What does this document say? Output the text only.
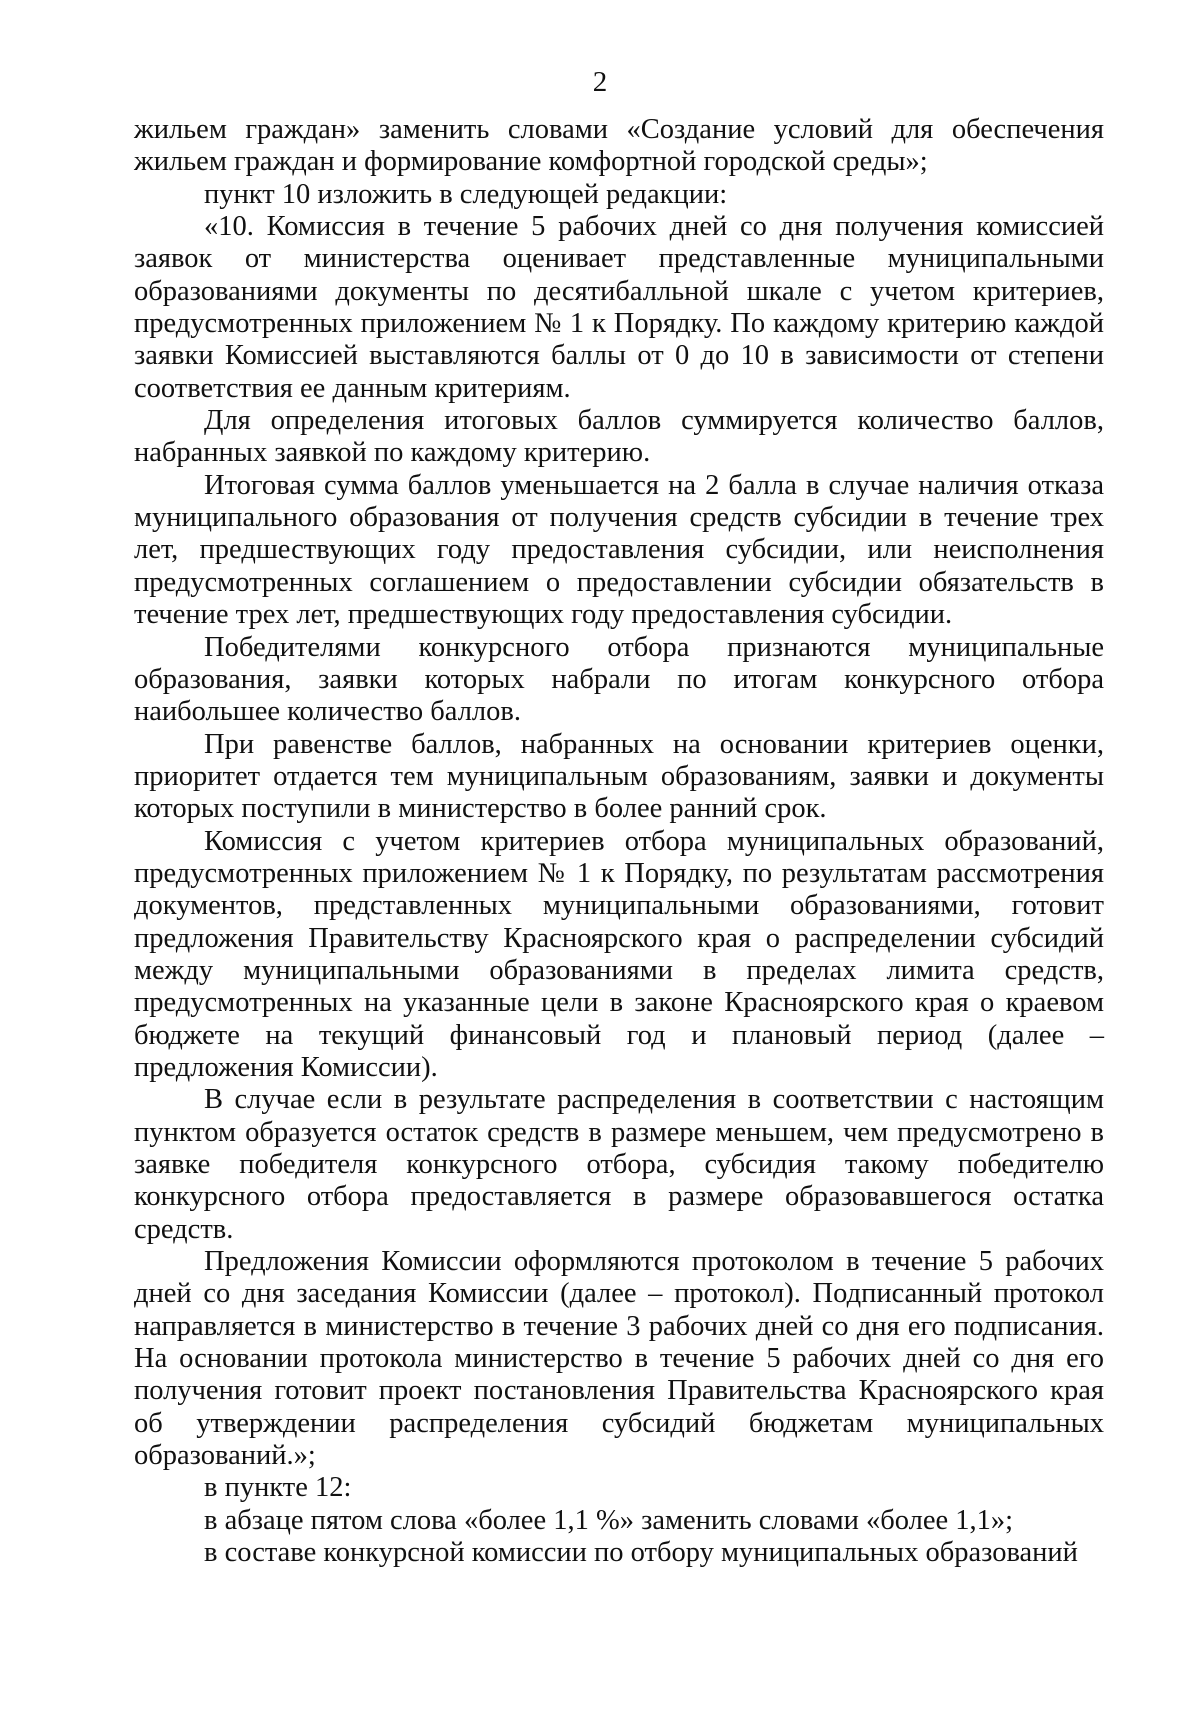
2

жильем граждан» заменить словами «Создание условий для обеспечения жильем граждан и формирование комфортной городской среды»;

пункт 10 изложить в следующей редакции:

«10. Комиссия в течение 5 рабочих дней со дня получения комиссией заявок от министерства оценивает представленные муниципальными образованиями документы по десятибалльной шкале с учетом критериев, предусмотренных приложением № 1 к Порядку. По каждому критерию каждой заявки Комиссией выставляются баллы от 0 до 10 в зависимости от степени соответствия ее данным критериям.

Для определения итоговых баллов суммируется количество баллов, набранных заявкой по каждому критерию.

Итоговая сумма баллов уменьшается на 2 балла в случае наличия отказа муниципального образования от получения средств субсидии в течение трех лет, предшествующих году предоставления субсидии, или неисполнения предусмотренных соглашением о предоставлении субсидии обязательств в течение трех лет, предшествующих году предоставления субсидии.

Победителями конкурсного отбора признаются муниципальные образования, заявки которых набрали по итогам конкурсного отбора наибольшее количество баллов.

При равенстве баллов, набранных на основании критериев оценки, приоритет отдается тем муниципальным образованиям, заявки и документы которых поступили в министерство в более ранний срок.

Комиссия с учетом критериев отбора муниципальных образований, предусмотренных приложением № 1 к Порядку, по результатам рассмотрения документов, представленных муниципальными образованиями, готовит предложения Правительству Красноярского края о распределении субсидий между муниципальными образованиями в пределах лимита средств, предусмотренных на указанные цели в законе Красноярского края о краевом бюджете на текущий финансовый год и плановый период (далее – предложения Комиссии).

В случае если в результате распределения в соответствии с настоящим пунктом образуется остаток средств в размере меньшем, чем предусмотрено в заявке победителя конкурсного отбора, субсидия такому победителю конкурсного отбора предоставляется в размере образовавшегося остатка средств.

Предложения Комиссии оформляются протоколом в течение 5 рабочих дней со дня заседания Комиссии (далее – протокол). Подписанный протокол направляется в министерство в течение 3 рабочих дней со дня его подписания. На основании протокола министерство в течение 5 рабочих дней со дня его получения готовит проект постановления Правительства Красноярского края об утверждении распределения субсидий бюджетам муниципальных образований.»;

в пункте 12:

в абзаце пятом слова «более 1,1 %» заменить словами «более 1,1»;

в составе конкурсной комиссии по отбору муниципальных образований
